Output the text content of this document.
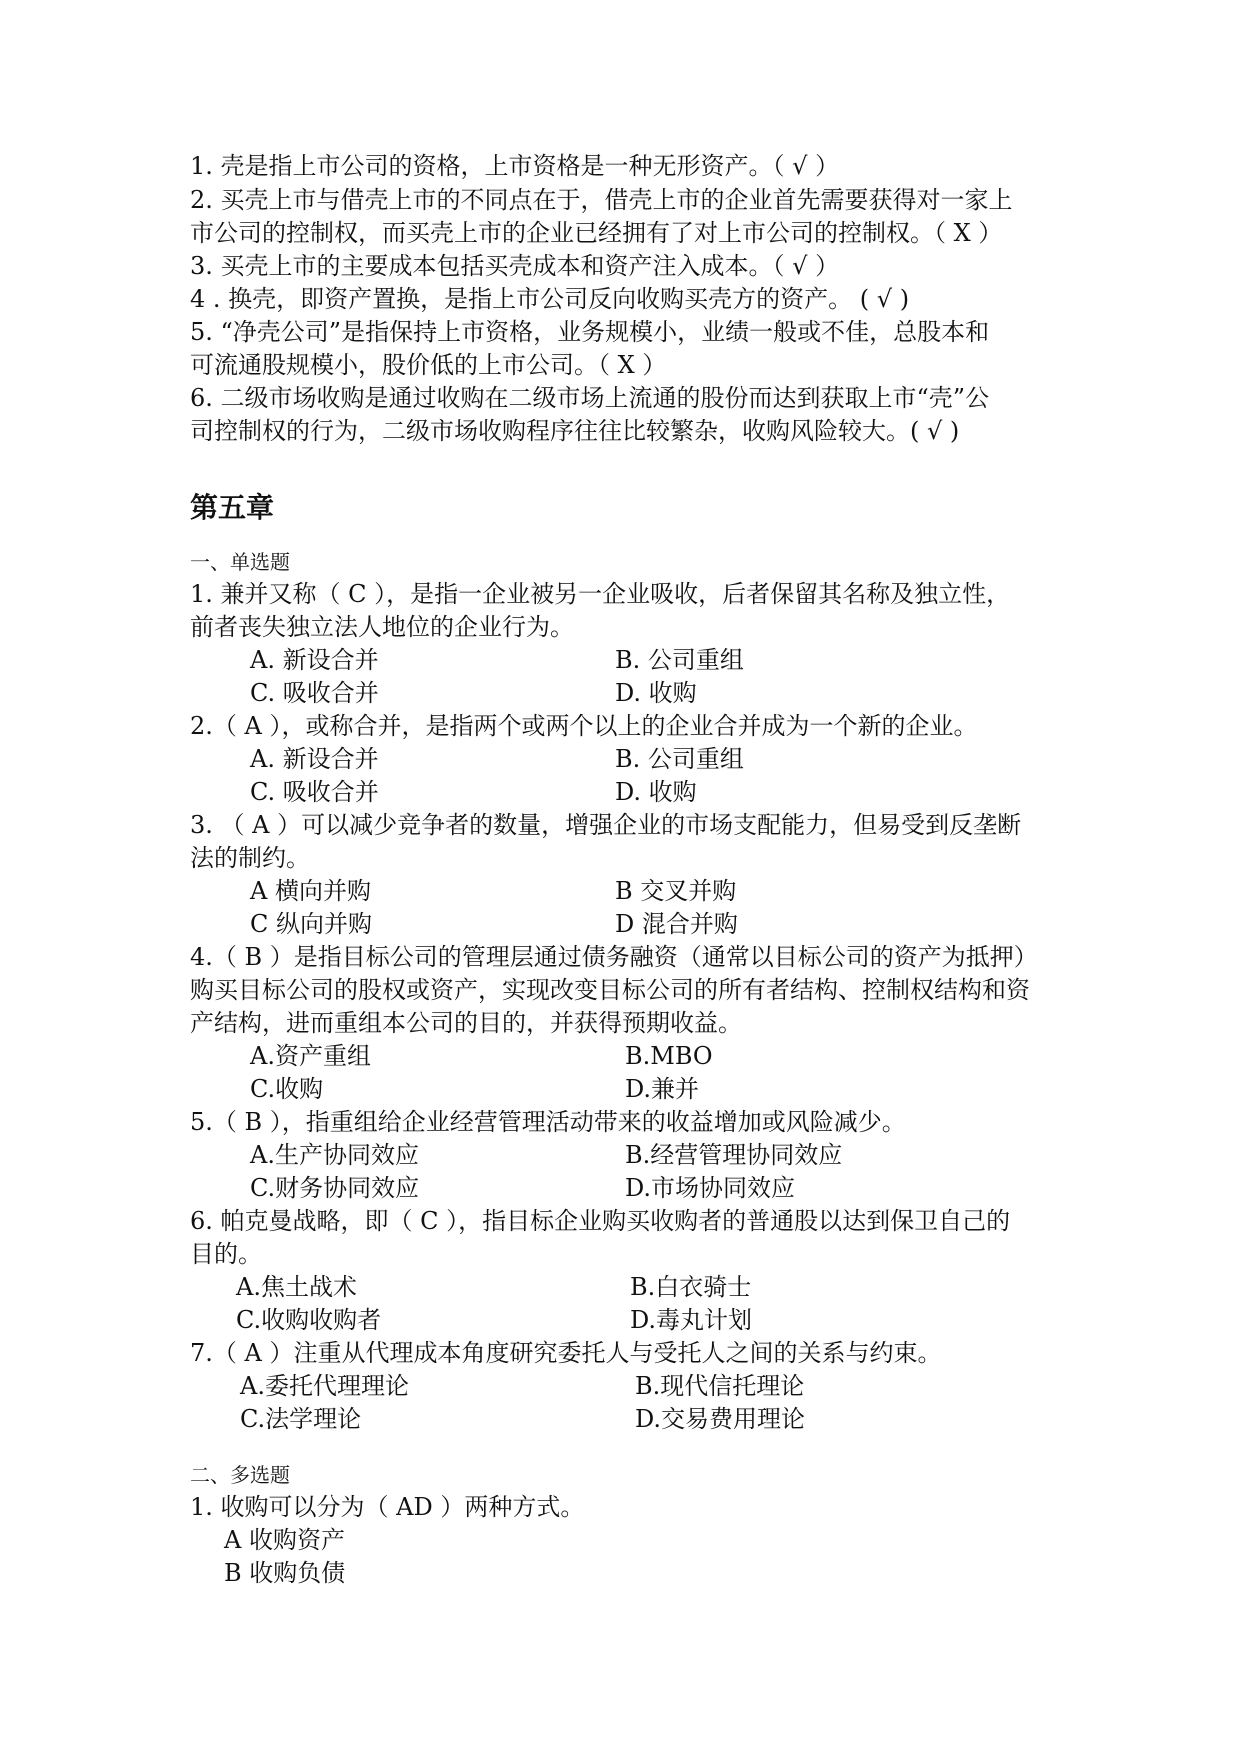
1. 壳是指上市公司的资格，上市资格是一种无形资产。（ √ ）
2. 买壳上市与借壳上市的不同点在于，借壳上市的企业首先需要获得对一家上
市公司的控制权，而买壳上市的企业已经拥有了对上市公司的控制权。（ X ）
3. 买壳上市的主要成本包括买壳成本和资产注入成本。（ √ ）
4 . 换壳，即资产置换，是指上市公司反向收购买壳方的资产。 ( √ )
5. “净壳公司”是指保持上市资格，业务规模小，业绩一般或不佳，总股本和
可流通股规模小，股价低的上市公司。（ X ）
6. 二级市场收购是通过收购在二级市场上流通的股份而达到获取上市“壳”公
司控制权的行为，二级市场收购程序往往比较繁杂，收购风险较大。( √ )
第五章
一、单选题
1. 兼并又称（ C ），是指一企业被另一企业吸收，后者保留其名称及独立性，
前者丧失独立法人地位的企业行为。
A. 新设合并	B. 公司重组
C. 吸收合并	D. 收购
2.（ A ），或称合并，是指两个或两个以上的企业合并成为一个新的企业。
A. 新设合并	B. 公司重组
C. 吸收合并	D. 收购
3. （ A ）可以减少竞争者的数量，增强企业的市场支配能力，但易受到反垄断
法的制约。
A 横向并购	B 交叉并购
C 纵向并购	D 混合并购
4.（ B ）是指目标公司的管理层通过债务融资（通常以目标公司的资产为抵押）
购买目标公司的股权或资产，实现改变目标公司的所有者结构、控制权结构和资
产结构，进而重组本公司的目的，并获得预期收益。
A.资产重组	B.MBO
C.收购	D.兼并
5.（ B ），指重组给企业经营管理活动带来的收益增加或风险减少。
A.生产协同效应	B.经营管理协同效应
C.财务协同效应	D.市场协同效应
6. 帕克曼战略，即（ C ），指目标企业购买收购者的普通股以达到保卫自己的
目的。
A.焦土战术	B.白衣骑士
C.收购收购者	D.毒丸计划
7.（ A ）注重从代理成本角度研究委托人与受托人之间的关系与约束。
A.委托代理理论	B.现代信托理论
C.法学理论	D.交易费用理论
二、多选题
1. 收购可以分为（ AD ）两种方式。
A 收购资产
B 收购负债
